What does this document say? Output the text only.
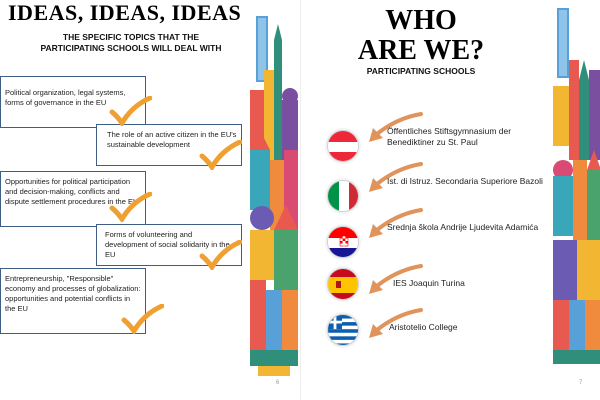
IDEAS, IDEAS, IDEAS
THE SPECIFIC TOPICS THAT THE
PARTICIPATING SCHOOLS WILL DEAL WITH
Political organization, legal systems, forms of governance in the EU
The role of an active citizen in the EU's sustainable development
Opportunities for political participation and decision-making, conflicts and dispute settlement procedures in the EU
Forms of volunteering and development of social solidarity in the EU
Entrepreneurship, "Responsible" economy and processes of globalization: opportunities and potential conflicts in the EU
6
WHO
ARE WE?
PARTICIPATING SCHOOLS
Öffentliches Stiftsgymnasium der Benediktiner zu St. Paul
Ist. di Istruz. Secondaria Superiore Bazoli
Srednja škola Andrije Ljudevita Adamića
IES Joaquin Turina
Aristotelio College
7
